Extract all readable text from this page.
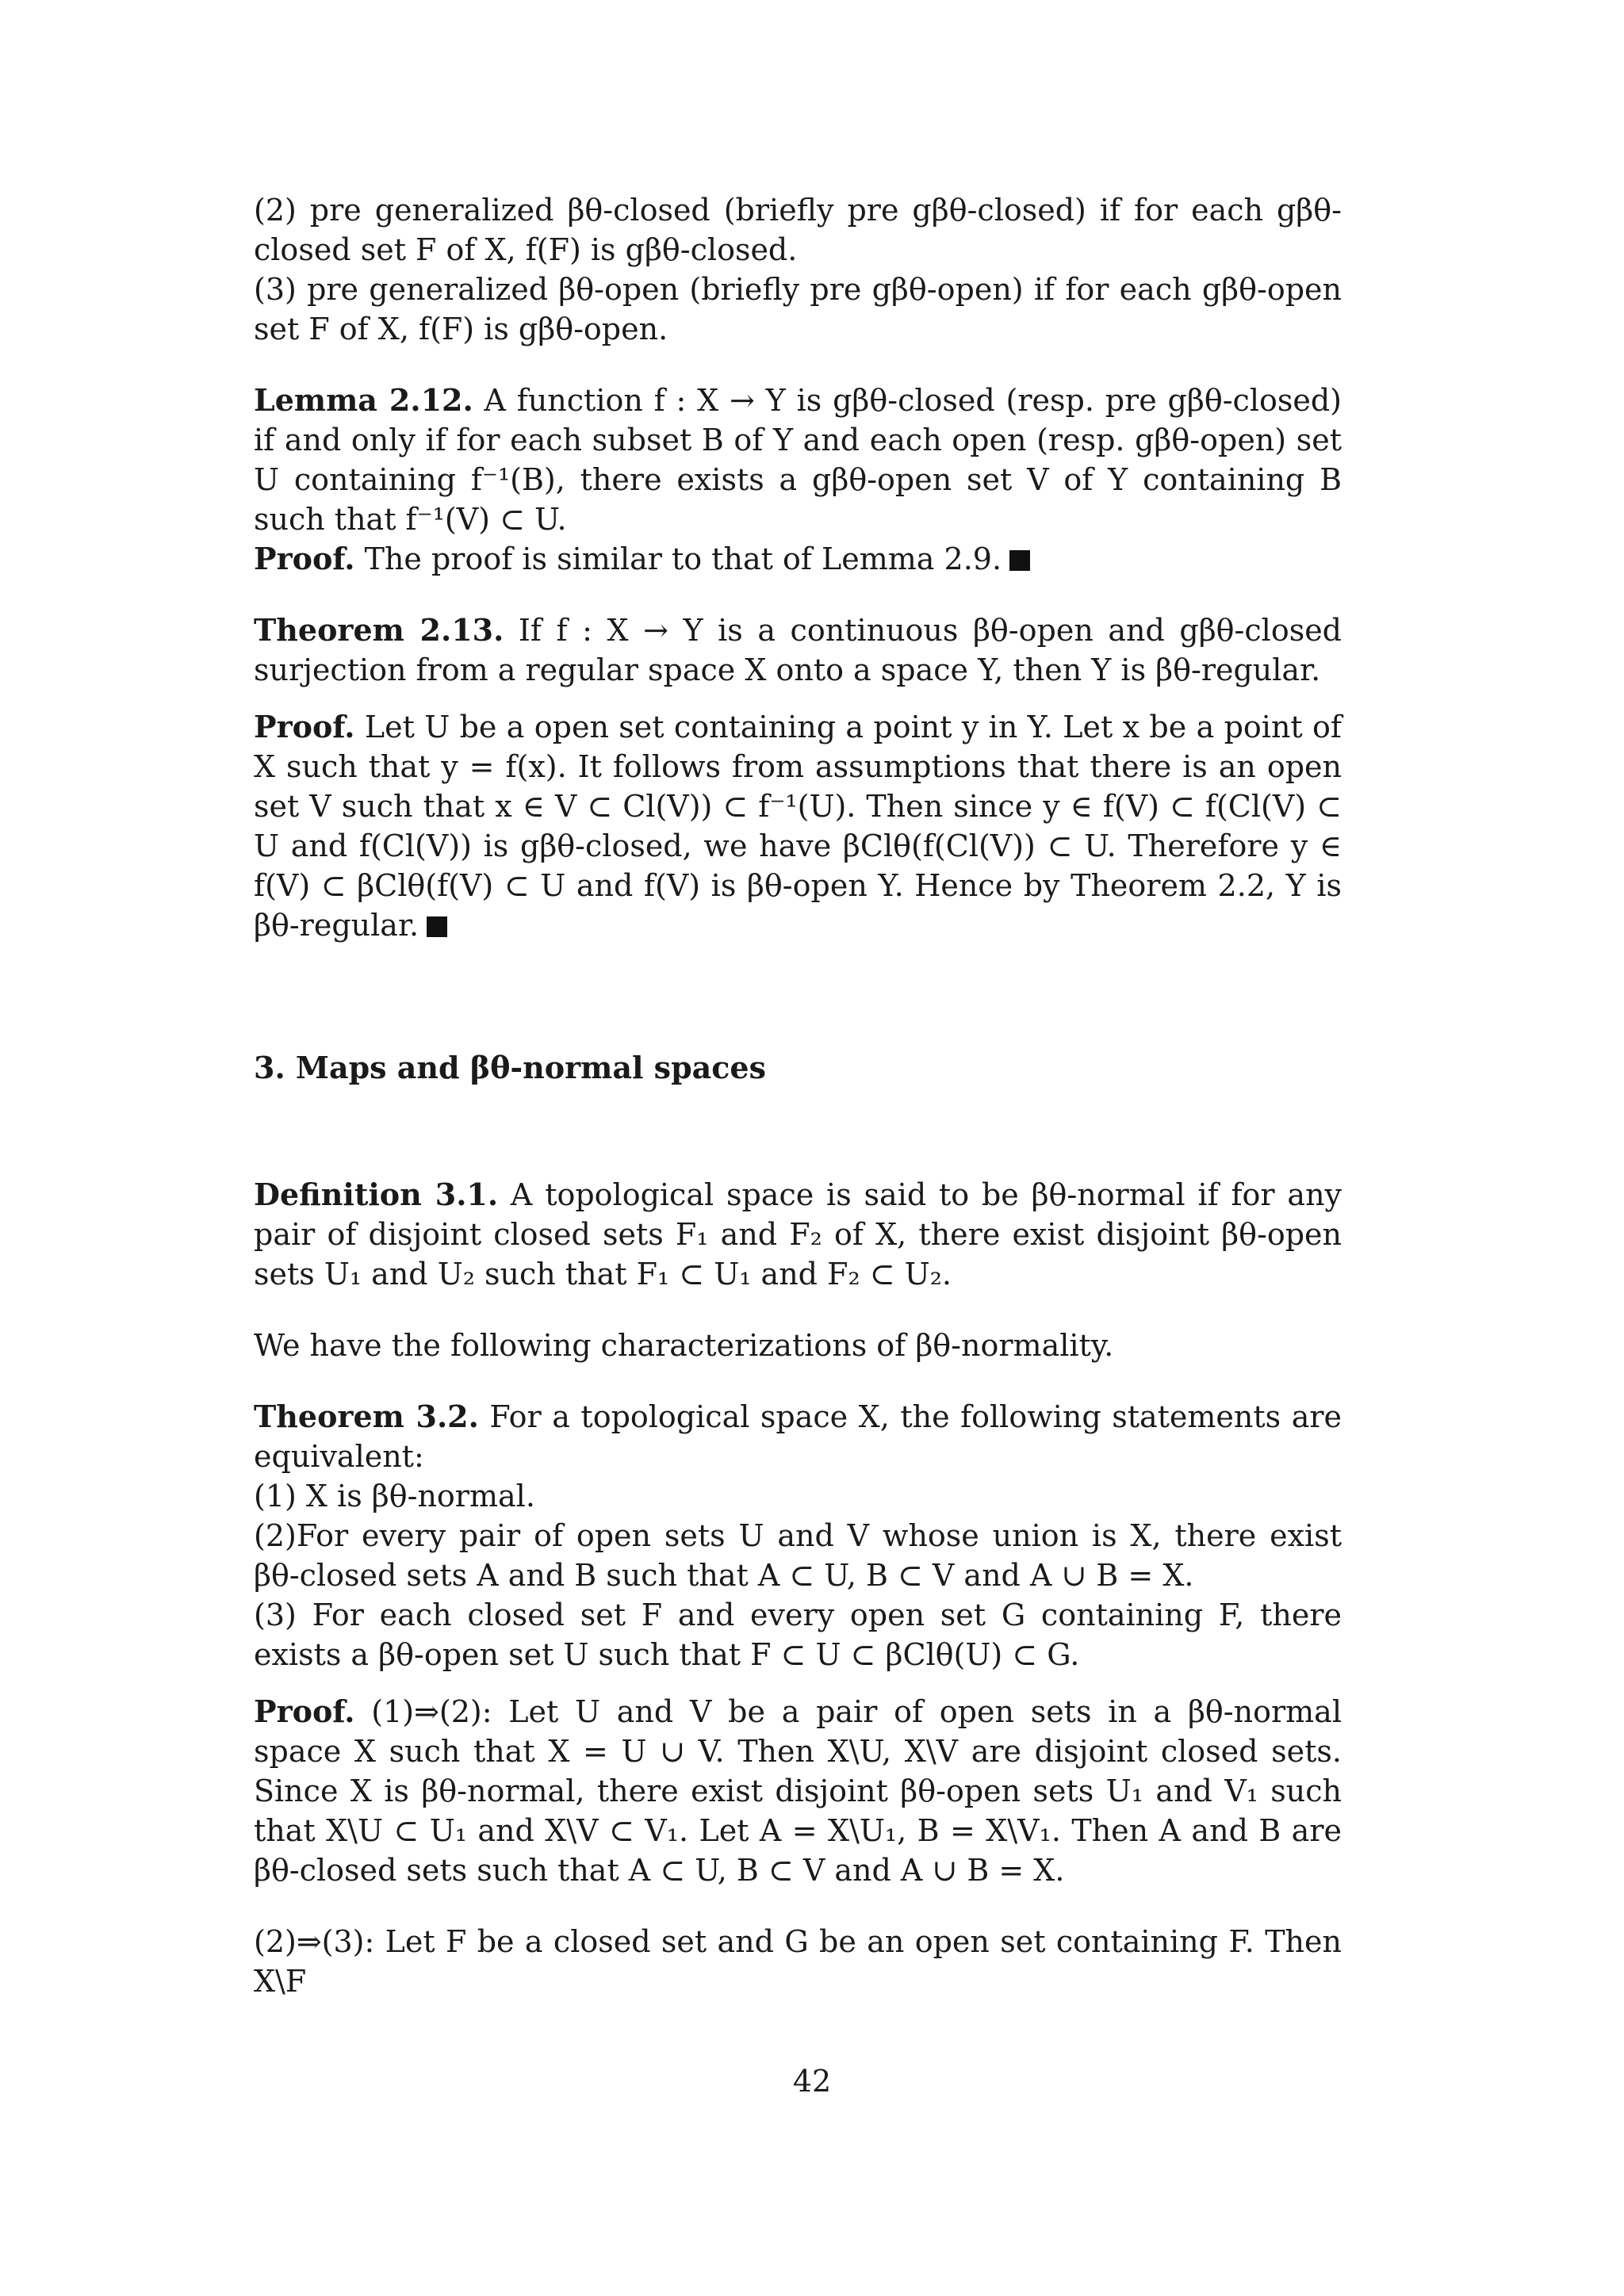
(2) pre generalized βθ-closed (briefly pre gβθ-closed) if for each gβθ-closed set F of X, f(F) is gβθ-closed.

(3) pre generalized βθ-open (briefly pre gβθ-open) if for each gβθ-open set F of X, f(F) is gβθ-open.

Lemma 2.12. A function f : X → Y is gβθ-closed (resp. pre gβθ-closed) if and only if for each subset B of Y and each open (resp. gβθ-open) set U containing f⁻¹(B), there exists a gβθ-open set V of Y containing B such that f⁻¹(V) ⊂ U.

Proof. The proof is similar to that of Lemma 2.9.

Theorem 2.13. If f : X → Y is a continuous βθ-open and gβθ-closed surjection from a regular space X onto a space Y, then Y is βθ-regular.

Proof. Let U be a open set containing a point y in Y. Let x be a point of X such that y = f(x). It follows from assumptions that there is an open set V such that x ∈ V ⊂ Cl(V)) ⊂ f⁻¹(U). Then since y ∈ f(V) ⊂ f(Cl(V) ⊂ U and f(Cl(V)) is gβθ-closed, we have βClθ(f(Cl(V)) ⊂ U. Therefore y ∈ f(V) ⊂ βClθ(f(V) ⊂ U and f(V) is βθ-open Y. Hence by Theorem 2.2, Y is βθ-regular.

3. Maps and βθ-normal spaces

Definition 3.1. A topological space is said to be βθ-normal if for any pair of disjoint closed sets F₁ and F₂ of X, there exist disjoint βθ-open sets U₁ and U₂ such that F₁ ⊂ U₁ and F₂ ⊂ U₂.

We have the following characterizations of βθ-normality.

Theorem 3.2. For a topological space X, the following statements are equivalent:

(1) X is βθ-normal.

(2)For every pair of open sets U and V whose union is X, there exist βθ-closed sets A and B such that A ⊂ U, B ⊂ V and A ∪ B = X.

(3) For each closed set F and every open set G containing F, there exists a βθ-open set U such that F ⊂ U ⊂ βClθ(U) ⊂ G.

Proof. (1)⇒(2): Let U and V be a pair of open sets in a βθ-normal space X such that X = U ∪ V. Then X\U, X\V are disjoint closed sets. Since X is βθ-normal, there exist disjoint βθ-open sets U₁ and V₁ such that X\U ⊂ U₁ and X\V ⊂ V₁. Let A = X\U₁, B = X\V₁. Then A and B are βθ-closed sets such that A ⊂ U, B ⊂ V and A ∪ B = X.

(2)⇒(3): Let F be a closed set and G be an open set containing F. Then X\F

42
